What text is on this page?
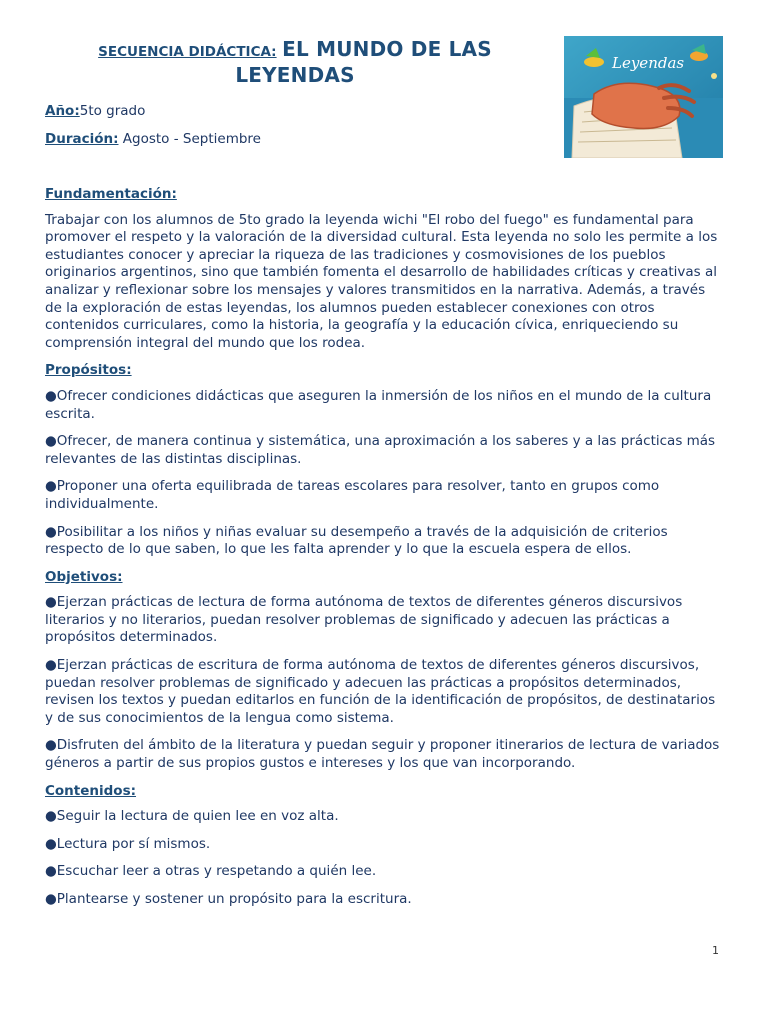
SECUENCIA DIDÁCTICA: EL MUNDO DE LAS
LEYENDAS
Año:5to grado
Duración: Agosto - Septiembre
Leyendas
Fundamentación:
Trabajar con los alumnos de 5to grado la leyenda wichi "El robo del fuego" es fundamental para promover el respeto y la valoración de la diversidad cultural. Esta leyenda no solo les permite a los estudiantes conocer y apreciar la riqueza de las tradiciones y cosmovisiones de los pueblos originarios argentinos, sino que también fomenta el desarrollo de habilidades críticas y creativas al analizar y reflexionar sobre los mensajes y valores transmitidos en la narrativa. Además, a través de la exploración de estas leyendas, los alumnos pueden establecer conexiones con otros contenidos curriculares, como la historia, la geografía y la educación cívica, enriqueciendo su comprensión integral del mundo que los rodea.
Propósitos:
●Ofrecer condiciones didácticas que aseguren la inmersión de los niños en el mundo de la cultura escrita.
●Ofrecer, de manera continua y sistemática, una aproximación a los saberes y a las prácticas más relevantes de las distintas disciplinas.
●Proponer una oferta equilibrada de tareas escolares para resolver, tanto en grupos como individualmente.
●Posibilitar a los niños y niñas evaluar su desempeño a través de la adquisición de criterios respecto de lo que saben, lo que les falta aprender y lo que la escuela espera de ellos.
Objetivos:
●Ejerzan prácticas de lectura de forma autónoma de textos de diferentes géneros discursivos literarios y no literarios, puedan resolver problemas de significado y adecuen las prácticas a propósitos determinados.
●Ejerzan prácticas de escritura de forma autónoma de textos de diferentes géneros discursivos, puedan resolver problemas de significado y adecuen las prácticas a propósitos determinados, revisen los textos y puedan editarlos en función de la identificación de propósitos, de destinatarios y de sus conocimientos de la lengua como sistema.
●Disfruten del ámbito de la literatura y puedan seguir y proponer itinerarios de lectura de variados géneros a partir de sus propios gustos e intereses y los que van incorporando.
Contenidos:
●Seguir la lectura de quien lee en voz alta.
●Lectura por sí mismos.
●Escuchar leer a otras y respetando a quién lee.
●Plantearse y sostener un propósito para la escritura.
1
